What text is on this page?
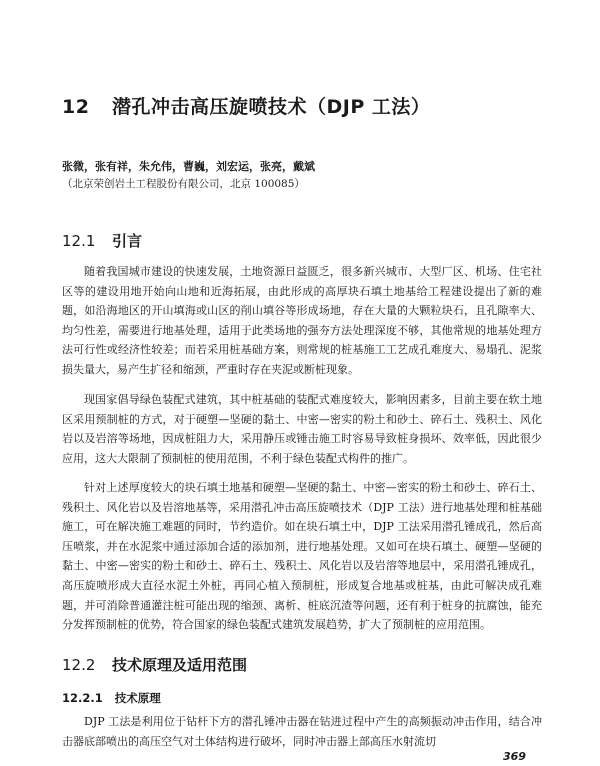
12 潜孔冲击高压旋喷技术（DJP 工法）
张微，张有祥，朱允伟，曹巍，刘宏运，张亮，戴斌
（北京荣创岩土工程股份有限公司，北京 100085）
12.1 引言
随着我国城市建设的快速发展，土地资源日益匮乏，很多新兴城市、大型厂区、机场、住宅社区等的建设用地开始向山地和近海拓展，由此形成的高厚块石填土地基给工程建设提出了新的难题，如沿海地区的开山填海或山区的削山填谷等形成场地，存在大量的大颗粒块石，且孔隙率大、均匀性差，需要进行地基处理，适用于此类场地的强夯方法处理深度不够，其他常规的地基处理方法可行性或经济性较差；而若采用桩基础方案，则常规的桩基施工工艺成孔难度大、易塌孔、泥浆损失量大，易产生扩径和缩颈，严重时存在夹泥或断桩现象。
现国家倡导绿色装配式建筑，其中桩基础的装配式难度较大，影响因素多，目前主要在软土地区采用预制桩的方式，对于硬塑—坚硬的黏土、中密—密实的粉土和砂土、碎石土、残积土、风化岩以及岩溶等场地，因成桩阻力大，采用静压或锤击施工时容易导致桩身损坏、效率低，因此很少应用，这大大限制了预制桩的使用范围，不利于绿色装配式构件的推广。
针对上述厚度较大的块石填土地基和硬塑—坚硬的黏土、中密—密实的粉土和砂土、碎石土、残积土、风化岩以及岩溶地基等，采用潜孔冲击高压旋喷技术（DJP 工法）进行地基处理和桩基础施工，可在解决施工难题的同时，节约造价。如在块石填土中，DJP 工法采用潜孔锤成孔，然后高压喷浆，并在水泥浆中通过添加合适的添加剂，进行地基处理。又如可在块石填土、硬塑—坚硬的黏土、中密—密实的粉土和砂土、碎石土、残积土、风化岩以及岩溶等地层中，采用潜孔锤成孔，高压旋喷形成大直径水泥土外桩，再同心植入预制桩，形成复合地基或桩基，由此可解决成孔难题，并可消除普通灌注桩可能出现的缩颈、离析、桩底沉渣等问题，还有利于桩身的抗腐蚀，能充分发挥预制桩的优势，符合国家的绿色装配式建筑发展趋势，扩大了预制桩的应用范围。
12.2 技术原理及适用范围
12.2.1 技术原理
DJP 工法是利用位于钻杆下方的潜孔锤冲击器在钻进过程中产生的高频振动冲击作用，结合冲击器底部喷出的高压空气对土体结构进行破坏，同时冲击器上部高压水射流切
369
